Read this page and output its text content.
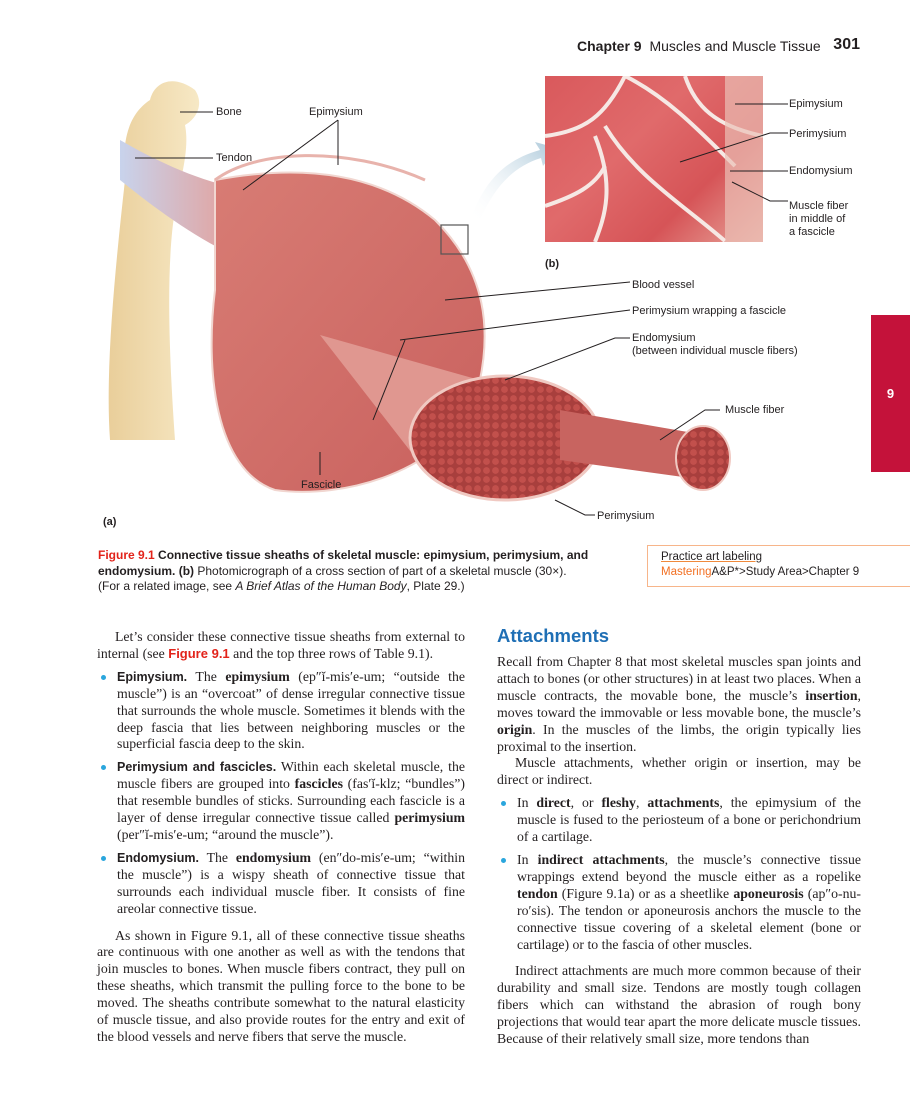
Chapter 9 Muscles and Muscle Tissue 301
9
Bone
Tendon
Epimysium
Blood vessel
Perimysium wrapping a fascicle
Endomysium
(between individual muscle fibers)
Muscle fiber
Fascicle
Perimysium
(a)
Epimysium
Perimysium
Endomysium
Muscle fiber
in middle of
a fascicle
(b)
Figure 9.1 Connective tissue sheaths of skeletal muscle: epimysium, perimysium, and endomysium. (b) Photomicrograph of a cross section of part of a skeletal muscle (30×).
(For a related image, see A Brief Atlas of the Human Body, Plate 29.)
Practice art labeling
MasteringA&P*>Study Area>Chapter 9

Let’s consider these connective tissue sheaths from external to internal (see Figure 9.1 and the top three rows of Table 9.1).

Epimysium. The epimysium (ep″ĭ-mis′e-um; “outside the muscle”) is an “overcoat” of dense irregular connective tissue that surrounds the whole muscle. Sometimes it blends with the deep fascia that lies between neighboring muscles or the superficial fascia deep to the skin.
Perimysium and fascicles. Within each skeletal muscle, the muscle fibers are grouped into fascicles (fas′ĭ-klz; “bundles”) that resemble bundles of sticks. Surrounding each fascicle is a layer of dense irregular connective tissue called perimysium (per″ĭ-mis′e-um; “around the muscle”).
Endomysium. The endomysium (en″do-mis′e-um; “within the muscle”) is a wispy sheath of connective tissue that surrounds each individual muscle fiber. It consists of fine areolar connective tissue.

As shown in Figure 9.1, all of these connective tissue sheaths are continuous with one another as well as with the tendons that join muscles to bones. When muscle fibers contract, they pull on these sheaths, which transmit the pulling force to the bone to be moved. The sheaths contribute somewhat to the natural elasticity of muscle tissue, and also provide routes for the entry and exit of the blood vessels and nerve fibers that serve the muscle.

Attachments

Recall from Chapter 8 that most skeletal muscles span joints and attach to bones (or other structures) in at least two places. When a muscle contracts, the movable bone, the muscle’s insertion, moves toward the immovable or less movable bone, the muscle’s origin. In the muscles of the limbs, the origin typically lies proximal to the insertion.

Muscle attachments, whether origin or insertion, may be direct or indirect.

In direct, or fleshy, attachments, the epimysium of the muscle is fused to the periosteum of a bone or perichondrium of a cartilage.
In indirect attachments, the muscle’s connective tissue wrappings extend beyond the muscle either as a ropelike tendon (Figure 9.1a) or as a sheetlike aponeurosis (ap″o-nu-ro′sis). The tendon or aponeurosis anchors the muscle to the connective tissue covering of a skeletal element (bone or cartilage) or to the fascia of other muscles.

Indirect attachments are much more common because of their durability and small size. Tendons are mostly tough collagen fibers which can withstand the abrasion of rough bony projections that would tear apart the more delicate muscle tissues. Because of their relatively small size, more tendons than
